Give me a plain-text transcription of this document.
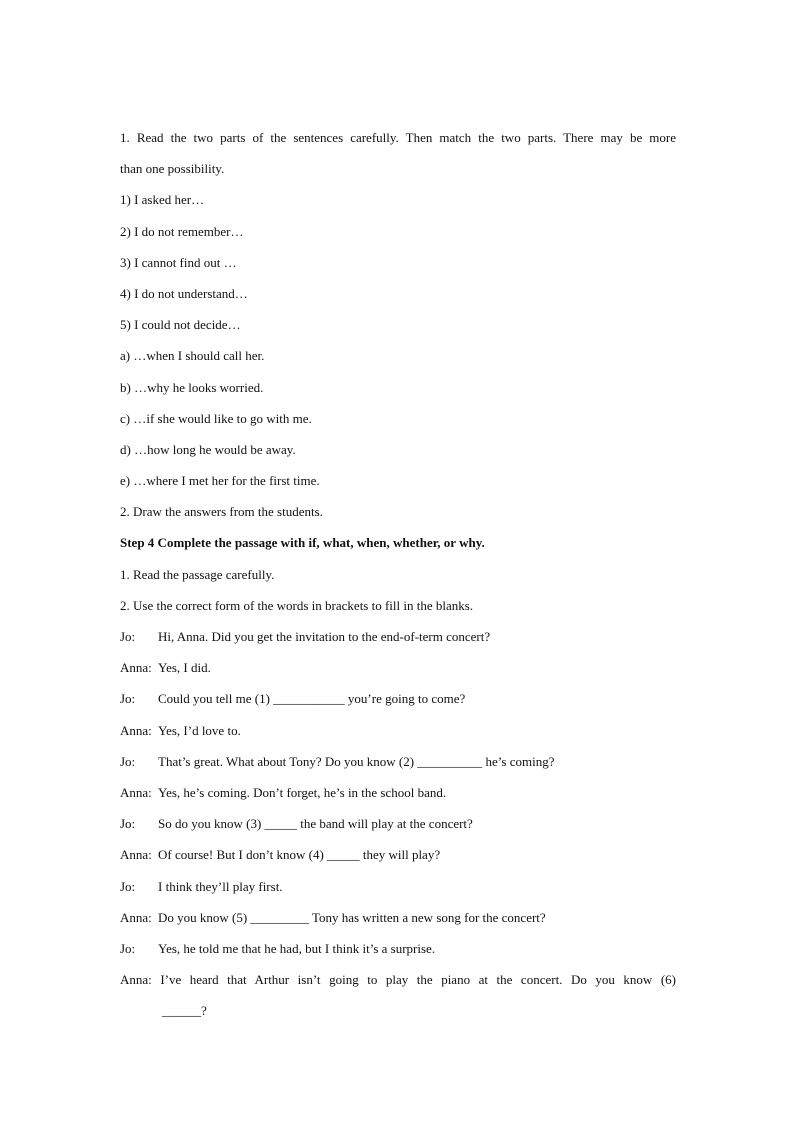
1. Read the two parts of the sentences carefully. Then match the two parts. There may be more
than one possibility.
1) I asked her…
2) I do not remember…
3) I cannot find out …
4) I do not understand…
5) I could not decide…
a) …when I should call her.
b) …why he looks worried.
c) …if she would like to go with me.
d) …how long he would be away.
e) …where I met her for the first time.
2. Draw the answers from the students.
Step 4 Complete the passage with if, what, when, whether, or why.
1. Read the passage carefully.
2. Use the correct form of the words in brackets to fill in the blanks.
Jo: Hi, Anna. Did you get the invitation to the end-of-term concert?
Anna: Yes, I did.
Jo: Could you tell me (1) ___________ you’re going to come?
Anna: Yes, I’d love to.
Jo: That’s great. What about Tony? Do you know (2) __________ he’s coming?
Anna: Yes, he’s coming. Don’t forget, he’s in the school band.
Jo: So do you know (3) _____ the band will play at the concert?
Anna: Of course! But I don’t know (4) _____ they will play?
Jo: I think they’ll play first.
Anna: Do you know (5) _________ Tony has written a new song for the concert?
Jo: Yes, he told me that he had, but I think it’s a surprise.
Anna: I’ve heard that Arthur isn’t going to play the piano at the concert. Do you know (6)
______?
